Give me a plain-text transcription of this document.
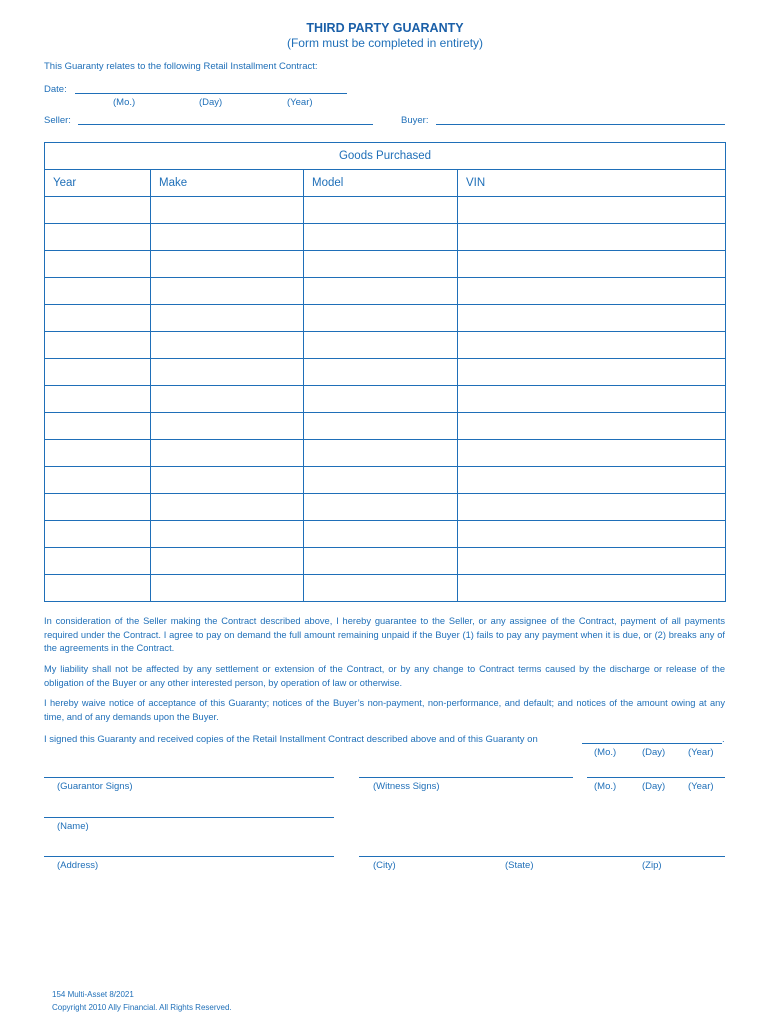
THIRD PARTY GUARANTY
(Form must be completed in entirety)
This Guaranty relates to the following Retail Installment Contract:
Date:
(Mo.)	(Day)	(Year)
Seller:	Buyer:
Goods Purchased			
Year	Make	Model	VIN

In consideration of the Seller making the Contract described above, I hereby guarantee to the Seller, or any assignee of the Contract, payment of all payments required under the Contract. I agree to pay on demand the full amount remaining unpaid if the Buyer (1) fails to pay any payment when it is due, or (2) breaks any of the agreements in the Contract.
My liability shall not be affected by any settlement or extension of the Contract, or by any change to Contract terms caused by the discharge or release of the obligation of the Buyer or any other interested person, by operation of law or otherwise.
I hereby waive notice of acceptance of this Guaranty; notices of the Buyer’s non-payment, non-performance, and default; and notices of the amount owing at any time, and of any demands upon the Buyer.
I signed this Guaranty and received copies of the Retail Installment Contract described above and of this Guaranty on	.
(Mo.)	(Day) (Year)
(Guarantor Signs)	(Witness Signs)	(Mo.)	(Day) (Year)
(Name)
(Address)	(City)	(State)	(Zip)
154 Multi-Asset 8/2021
Copyright 2010 Ally Financial. All Rights Reserved.
